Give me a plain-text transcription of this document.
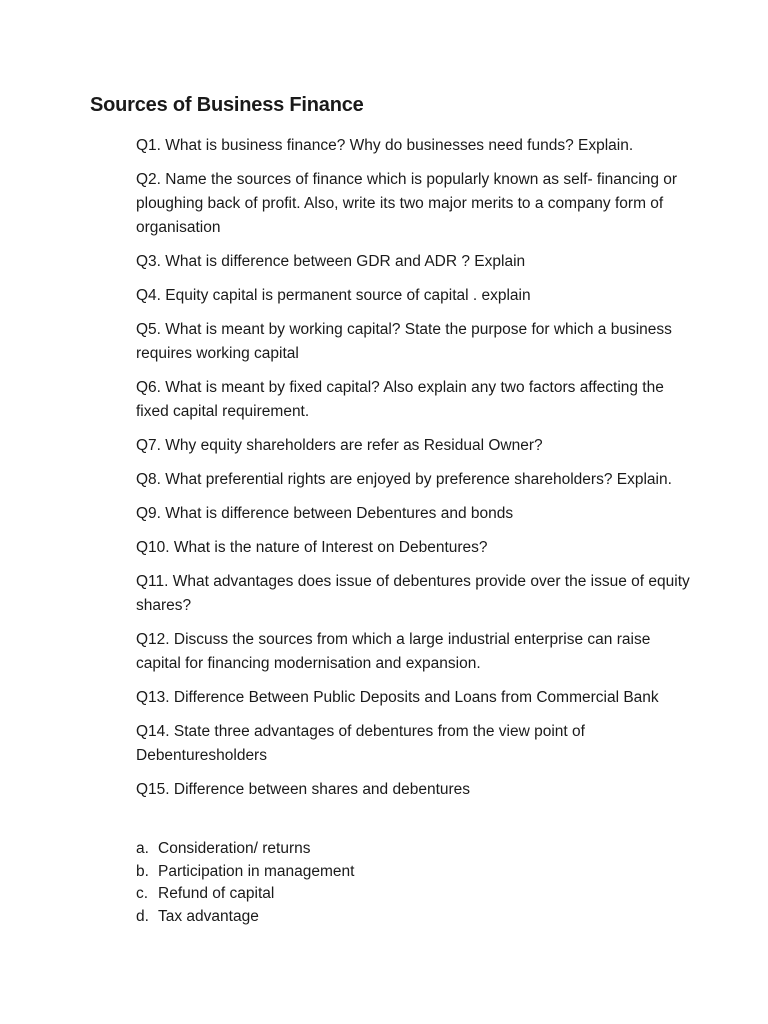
Sources of Business Finance
Q1. What is business finance? Why do businesses need funds? Explain.
Q2. Name the sources of finance which is popularly known as self- financing or ploughing back of profit. Also, write its two major merits to a company form of organisation
Q3. What is difference between GDR and ADR ? Explain
Q4. Equity capital is permanent source of capital . explain
Q5. What is meant by working capital? State the purpose for which a business requires working capital
Q6. What is meant by fixed capital? Also explain any two factors affecting the fixed capital requirement.
Q7. Why equity shareholders are refer as Residual Owner?
Q8. What preferential rights are enjoyed by preference shareholders? Explain.
Q9. What is difference between Debentures and bonds
Q10. What is the nature of Interest on Debentures?
Q11. What advantages does issue of debentures provide over the issue of equity shares?
Q12. Discuss the sources from which a large industrial enterprise can raise capital for financing modernisation and expansion.
Q13. Difference Between Public Deposits and Loans from Commercial Bank
Q14. State three advantages of debentures from the view point of Debenturesholders
Q15. Difference between shares and debentures
a. Consideration/ returns
b. Participation in management
c. Refund of capital
d. Tax advantage
